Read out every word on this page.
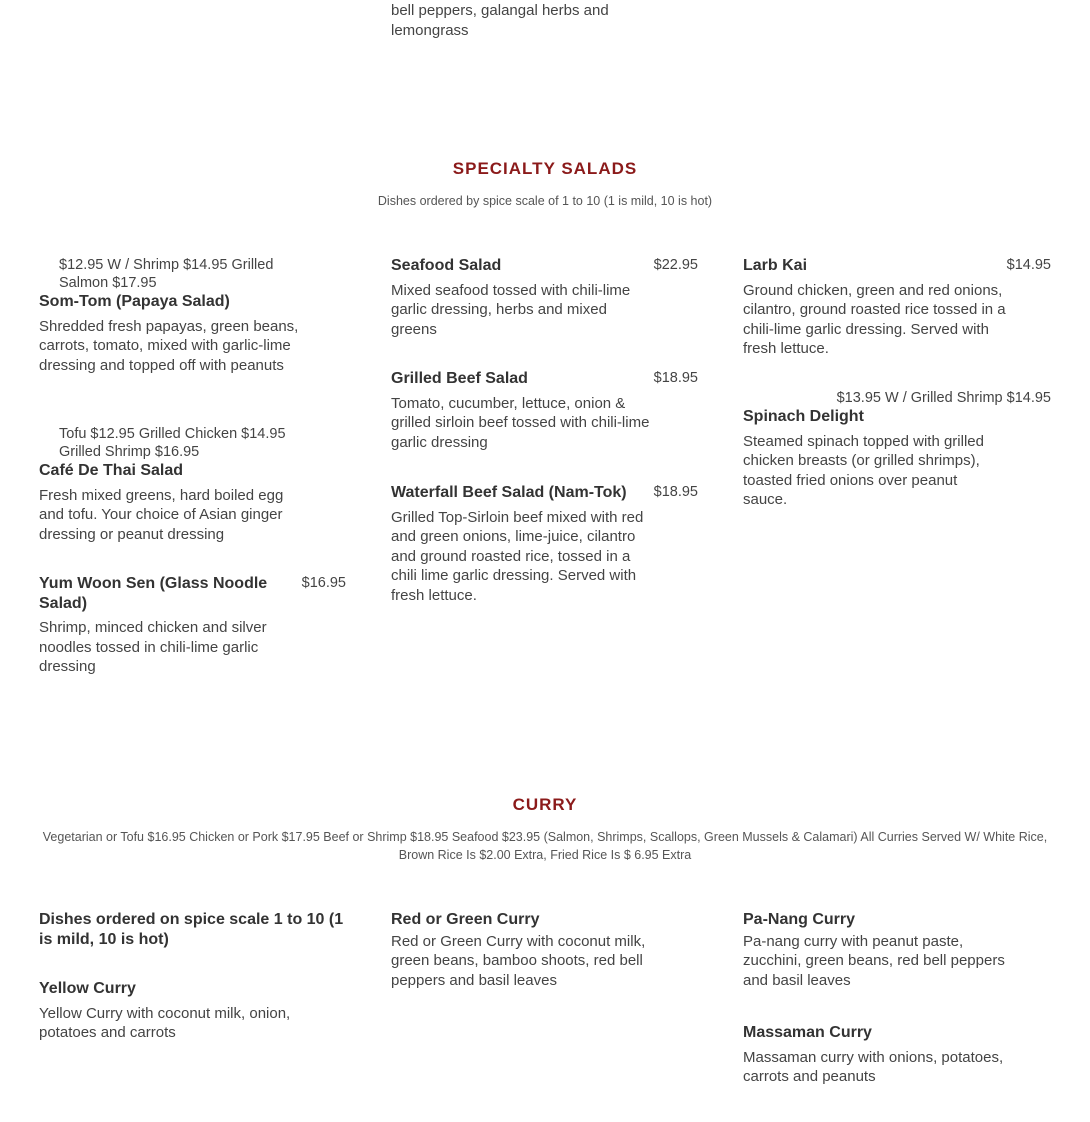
bell peppers, galangal herbs and lemongrass
SPECIALTY SALADS
Dishes ordered by spice scale of 1 to 10 (1 is mild, 10 is hot)
$12.95 W / Shrimp $14.95 Grilled Salmon $17.95
Som-Tom (Papaya Salad)
Shredded fresh papayas, green beans, carrots, tomato, mixed with garlic-lime dressing and topped off with peanuts
Tofu $12.95 Grilled Chicken $14.95 Grilled Shrimp $16.95
Café De Thai Salad
Fresh mixed greens, hard boiled egg and tofu. Your choice of Asian ginger dressing or peanut dressing
Yum Woon Sen (Glass Noodle Salad)
Shrimp, minced chicken and silver noodles tossed in chili-lime garlic dressing
$16.95
Seafood Salad
Mixed seafood tossed with chili-lime garlic dressing, herbs and mixed greens
$22.95
Grilled Beef Salad
Tomato, cucumber, lettuce, onion & grilled sirloin beef tossed with chili-lime garlic dressing
$18.95
Waterfall Beef Salad (Nam-Tok)
Grilled Top-Sirloin beef mixed with red and green onions, lime-juice, cilantro and ground roasted rice, tossed in a chili lime garlic dressing. Served with fresh lettuce.
$18.95
Larb Kai
Ground chicken, green and red onions, cilantro, ground roasted rice tossed in a chili-lime garlic dressing. Served with fresh lettuce.
$14.95
$13.95 W / Grilled Shrimp $14.95
Spinach Delight
Steamed spinach topped with grilled chicken breasts (or grilled shrimps), toasted fried onions over peanut sauce.
CURRY
Vegetarian or Tofu $16.95 Chicken or Pork $17.95 Beef or Shrimp $18.95 Seafood $23.95 (Salmon, Shrimps, Scallops, Green Mussels & Calamari) All Curries Served W/ White Rice, Brown Rice Is $2.00 Extra, Fried Rice Is $ 6.95 Extra
Dishes ordered on spice scale 1 to 10 (1 is mild, 10 is hot)
Yellow Curry
Yellow Curry with coconut milk, onion, potatoes and carrots
Red or Green Curry
Red or Green Curry with coconut milk, green beans, bamboo shoots, red bell peppers and basil leaves
Pa-Nang Curry
Pa-nang curry with peanut paste, zucchini, green beans, red bell peppers and basil leaves
Massaman Curry
Massaman curry with onions, potatoes, carrots and peanuts
